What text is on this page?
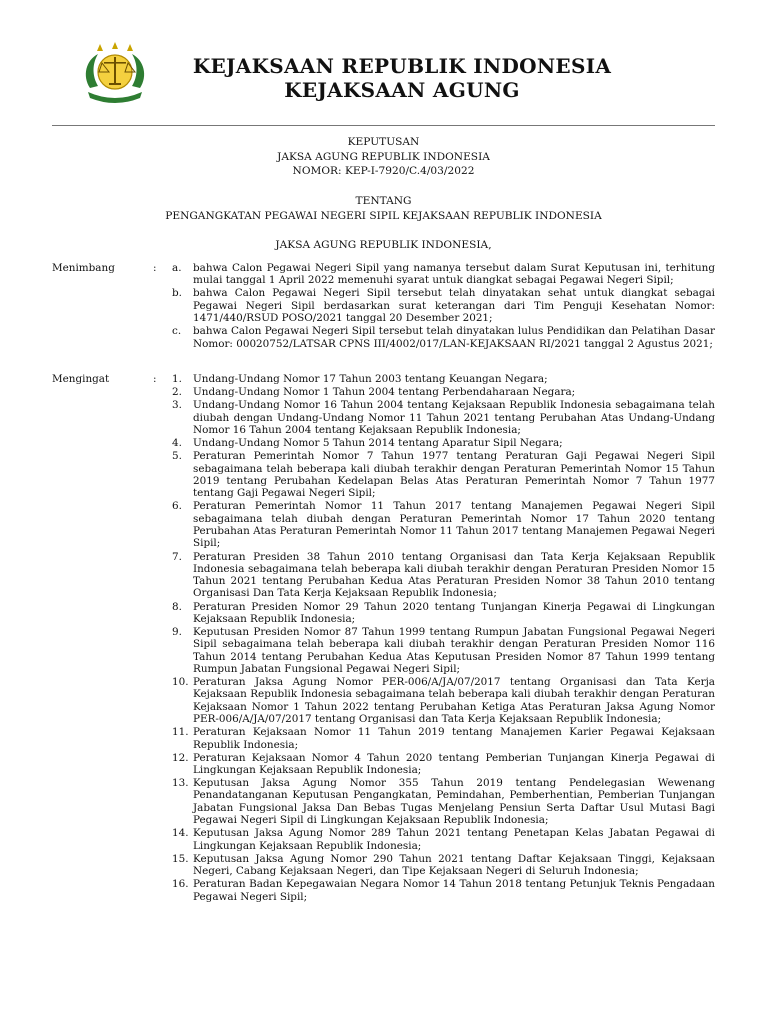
KEJAKSAAN REPUBLIK INDONESIA
KEJAKSAAN AGUNG
KEPUTUSAN
JAKSA AGUNG REPUBLIK INDONESIA
NOMOR: KEP-I-7920/C.4/03/2022
TENTANG
PENGANGKATAN PEGAWAI NEGERI SIPIL KEJAKSAAN REPUBLIK INDONESIA
JAKSA AGUNG REPUBLIK INDONESIA,
Menimbang	: a.	bahwa Calon Pegawai Negeri Sipil yang namanya tersebut dalam Surat Keputusan ini, terhitung mulai tanggal 1 April 2022 memenuhi syarat untuk diangkat sebagai Pegawai Negeri Sipil;
b.	bahwa Calon Pegawai Negeri Sipil tersebut telah dinyatakan sehat untuk diangkat sebagai Pegawai Negeri Sipil berdasarkan surat keterangan dari Tim Penguji Kesehatan Nomor: 1471/440/RSUD POSO/2021 tanggal 20 Desember 2021;
c.	bahwa Calon Pegawai Negeri Sipil tersebut telah dinyatakan lulus Pendidikan dan Pelatihan Dasar Nomor: 00020752/LATSAR CPNS III/4002/017/LAN-KEJAKSAAN RI/2021 tanggal 2 Agustus 2021;
Mengingat	: 1.	Undang-Undang Nomor 17 Tahun 2003 tentang Keuangan Negara;
2.	Undang-Undang Nomor 1 Tahun 2004 tentang Perbendaharaan Negara;
3.	Undang-Undang Nomor 16 Tahun 2004 tentang Kejaksaan Republik Indonesia sebagaimana telah diubah dengan Undang-Undang Nomor 11 Tahun 2021 tentang Perubahan Atas Undang-Undang Nomor 16 Tahun 2004 tentang Kejaksaan Republik Indonesia;
4.	Undang-Undang Nomor 5 Tahun 2014 tentang Aparatur Sipil Negara;
5.	Peraturan Pemerintah Nomor 7 Tahun 1977 tentang Peraturan Gaji Pegawai Negeri Sipil sebagaimana telah beberapa kali diubah terakhir dengan Peraturan Pemerintah Nomor 15 Tahun 2019 tentang Perubahan Kedelapan Belas Atas Peraturan Pemerintah Nomor 7 Tahun 1977 tentang Gaji Pegawai Negeri Sipil;
6.	Peraturan Pemerintah Nomor 11 Tahun 2017 tentang Manajemen Pegawai Negeri Sipil sebagaimana telah diubah dengan Peraturan Pemerintah Nomor 17 Tahun 2020 tentang Perubahan Atas Peraturan Pemerintah Nomor 11 Tahun 2017 tentang Manajemen Pegawai Negeri Sipil;
7.	Peraturan Presiden 38 Tahun 2010 tentang Organisasi dan Tata Kerja Kejaksaan Republik Indonesia sebagaimana telah beberapa kali diubah terakhir dengan Peraturan Presiden Nomor 15 Tahun 2021 tentang Perubahan Kedua Atas Peraturan Presiden Nomor 38 Tahun 2010 tentang Organisasi Dan Tata Kerja Kejaksaan Republik Indonesia;
8.	Peraturan Presiden Nomor 29 Tahun 2020 tentang Tunjangan Kinerja Pegawai di Lingkungan Kejaksaan Republik Indonesia;
9.	Keputusan Presiden Nomor 87 Tahun 1999 tentang Rumpun Jabatan Fungsional Pegawai Negeri Sipil sebagaimana telah beberapa kali diubah terakhir dengan Peraturan Presiden Nomor 116 Tahun 2014 tentang Perubahan Kedua Atas Keputusan Presiden Nomor 87 Tahun 1999 tentang Rumpun Jabatan Fungsional Pegawai Negeri Sipil;
10. Peraturan Jaksa Agung Nomor PER-006/A/JA/07/2017 tentang Organisasi dan Tata Kerja Kejaksaan Republik Indonesia sebagaimana telah beberapa kali diubah terakhir dengan Peraturan Kejaksaan Nomor 1 Tahun 2022 tentang Perubahan Ketiga Atas Peraturan Jaksa Agung Nomor PER-006/A/JA/07/2017 tentang Organisasi dan Tata Kerja Kejaksaan Republik Indonesia;
11. Peraturan Kejaksaan Nomor 11 Tahun 2019 tentang Manajemen Karier Pegawai Kejaksaan Republik Indonesia;
12. Peraturan Kejaksaan Nomor 4 Tahun 2020 tentang Pemberian Tunjangan Kinerja Pegawai di Lingkungan Kejaksaan Republik Indonesia;
13. Keputusan Jaksa Agung Nomor 355 Tahun 2019 tentang Pendelegasian Wewenang Penandatanganan Keputusan Pengangkatan, Pemindahan, Pemberhentian, Pemberian Tunjangan Jabatan Fungsional Jaksa Dan Bebas Tugas Menjelang Pensiun Serta Daftar Usul Mutasi Bagi Pegawai Negeri Sipil di Lingkungan Kejaksaan Republik Indonesia;
14. Keputusan Jaksa Agung Nomor 289 Tahun 2021 tentang Penetapan Kelas Jabatan Pegawai di Lingkungan Kejaksaan Republik Indonesia;
15. Keputusan Jaksa Agung Nomor 290 Tahun 2021 tentang Daftar Kejaksaan Tinggi, Kejaksaan Negeri, Cabang Kejaksaan Negeri, dan Tipe Kejaksaan Negeri di Seluruh Indonesia;
16. Peraturan Badan Kepegawaian Negara Nomor 14 Tahun 2018 tentang Petunjuk Teknis Pengadaan Pegawai Negeri Sipil;
